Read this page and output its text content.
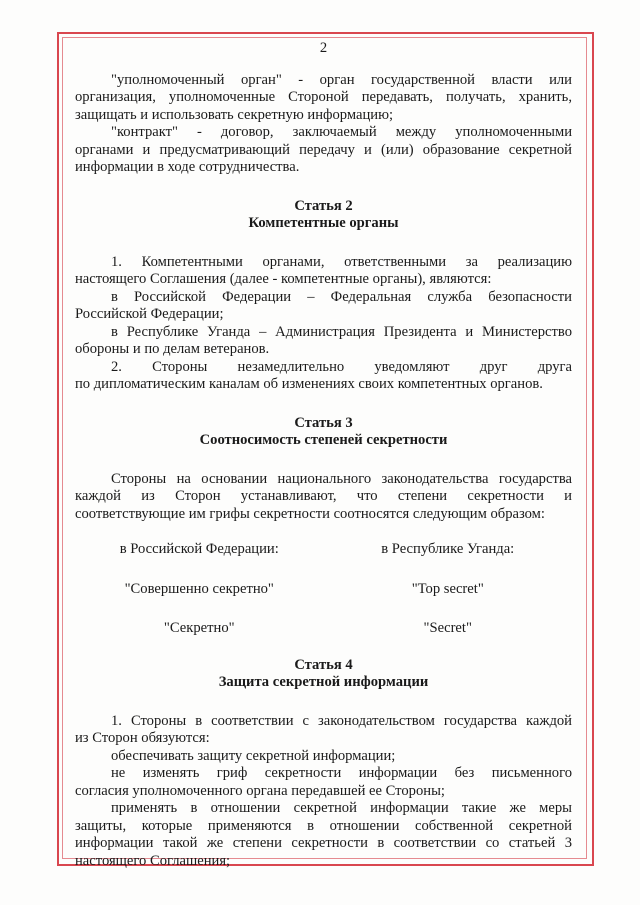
2

"уполномоченный орган" - орган государственной власти или

организация, уполномоченные Стороной передавать, получать, хранить,

защищать и использовать секретную информацию;

"контракт" - договор, заключаемый между уполномоченными

органами и предусматривающий передачу и (или) образование секретной

информации в ходе сотрудничества.

Статья 2
Компетентные органы

1. Компетентными органами, ответственными за реализацию

настоящего Соглашения (далее - компетентные органы), являются:

в Российской Федерации – Федеральная служба безопасности

Российской Федерации;

в Республике Уганда – Администрация Президента и Министерство

обороны и по делам ветеранов.

2. Стороны незамедлительно уведомляют друг друга

по дипломатическим каналам об изменениях своих компетентных органов.

Статья 3
Соотносимость степеней секретности

Стороны на основании национального законодательства государства

каждой из Сторон устанавливают, что степени секретности и

соответствующие им грифы секретности соотносятся следующим образом:

в Российской Федерации:	в Республике Уганда:
"Совершенно секретно"	"Top secret"
"Секретно"	"Secret"
Статья 4
Защита секретной информации

1. Стороны в соответствии с законодательством государства каждой

из Сторон обязуются:

обеспечивать защиту секретной информации;

не изменять гриф секретности информации без письменного

согласия уполномоченного органа передавшей ее Стороны;

применять в отношении секретной информации такие же меры

защиты, которые применяются в отношении собственной секретной

информации такой же степени секретности в соответствии со статьей 3

настоящего Соглашения;
